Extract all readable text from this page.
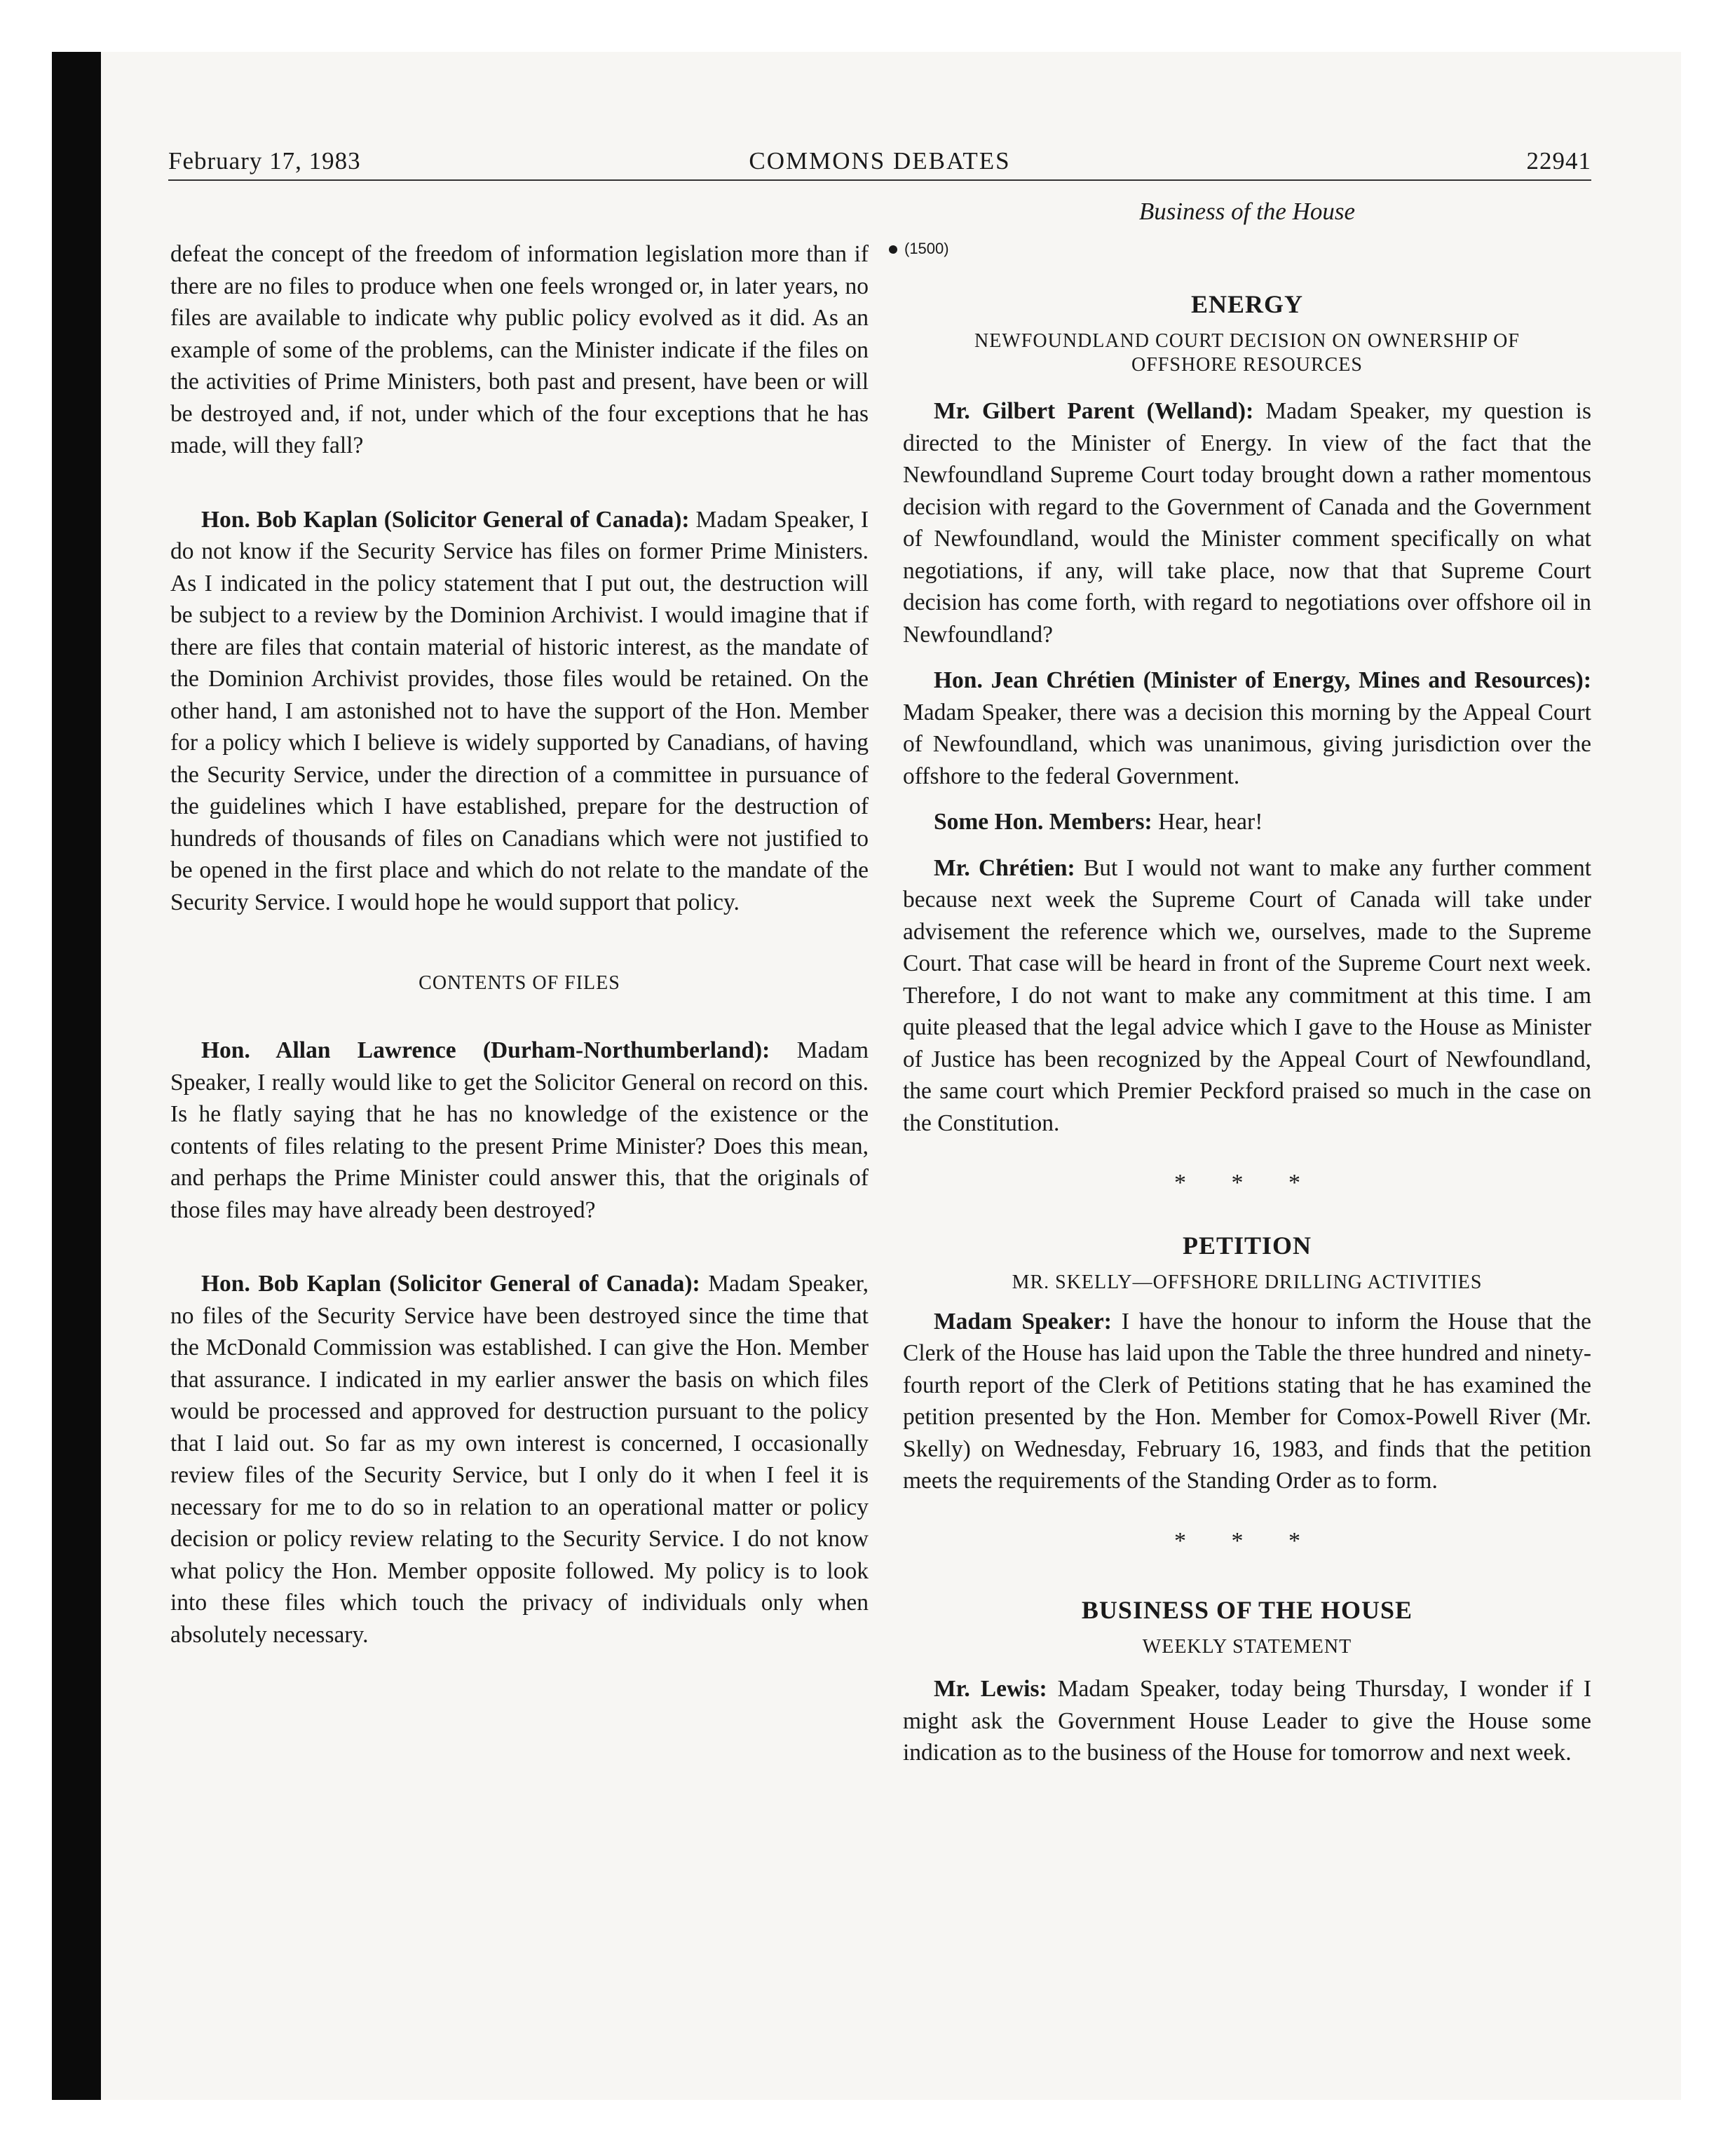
February 17, 1983	COMMONS DEBATES	22941
Business of the House
(1500)

defeat the concept of the freedom of information legislation more than if there are no files to produce when one feels wronged or, in later years, no files are available to indicate why public policy evolved as it did. As an example of some of the problems, can the Minister indicate if the files on the activities of Prime Ministers, both past and present, have been or will be destroyed and, if not, under which of the four exceptions that he has made, will they fall?

Hon. Bob Kaplan (Solicitor General of Canada): Madam Speaker, I do not know if the Security Service has files on former Prime Ministers. As I indicated in the policy statement that I put out, the destruction will be subject to a review by the Dominion Archivist. I would imagine that if there are files that contain material of historic interest, as the mandate of the Dominion Archivist provides, those files would be retained. On the other hand, I am astonished not to have the support of the Hon. Member for a policy which I believe is widely supported by Canadians, of having the Security Service, under the direction of a committee in pursuance of the guidelines which I have established, prepare for the destruction of hundreds of thousands of files on Canadians which were not justified to be opened in the first place and which do not relate to the mandate of the Security Service. I would hope he would support that policy.

CONTENTS OF FILES

Hon. Allan Lawrence (Durham-Northumberland): Madam Speaker, I really would like to get the Solicitor General on record on this. Is he flatly saying that he has no knowledge of the existence or the contents of files relating to the present Prime Minister? Does this mean, and perhaps the Prime Minister could answer this, that the originals of those files may have already been destroyed?

Hon. Bob Kaplan (Solicitor General of Canada): Madam Speaker, no files of the Security Service have been destroyed since the time that the McDonald Commission was established. I can give the Hon. Member that assurance. I indicated in my earlier answer the basis on which files would be processed and approved for destruction pursuant to the policy that I laid out. So far as my own interest is concerned, I occasionally review files of the Security Service, but I only do it when I feel it is necessary for me to do so in relation to an operational matter or policy decision or policy review relating to the Security Service. I do not know what policy the Hon. Member opposite followed. My policy is to look into these files which touch the privacy of individuals only when absolutely necessary.

ENERGY
NEWFOUNDLAND COURT DECISION ON OWNERSHIP OF OFFSHORE RESOURCES

Mr. Gilbert Parent (Welland): Madam Speaker, my question is directed to the Minister of Energy. In view of the fact that the Newfoundland Supreme Court today brought down a rather momentous decision with regard to the Government of Canada and the Government of Newfoundland, would the Minister comment specifically on what negotiations, if any, will take place, now that that Supreme Court decision has come forth, with regard to negotiations over offshore oil in Newfoundland?

Hon. Jean Chrétien (Minister of Energy, Mines and Resources): Madam Speaker, there was a decision this morning by the Appeal Court of Newfoundland, which was unanimous, giving jurisdiction over the offshore to the federal Government.

Some Hon. Members: Hear, hear!

Mr. Chrétien: But I would not want to make any further comment because next week the Supreme Court of Canada will take under advisement the reference which we, ourselves, made to the Supreme Court. That case will be heard in front of the Supreme Court next week. Therefore, I do not want to make any commitment at this time. I am quite pleased that the legal advice which I gave to the House as Minister of Justice has been recognized by the Appeal Court of Newfoundland, the same court which Premier Peckford praised so much in the case on the Constitution.

* * *
PETITION
MR. SKELLY—OFFSHORE DRILLING ACTIVITIES

Madam Speaker: I have the honour to inform the House that the Clerk of the House has laid upon the Table the three hundred and ninety-fourth report of the Clerk of Petitions stating that he has examined the petition presented by the Hon. Member for Comox-Powell River (Mr. Skelly) on Wednesday, February 16, 1983, and finds that the petition meets the requirements of the Standing Order as to form.

* * *
BUSINESS OF THE HOUSE
WEEKLY STATEMENT

Mr. Lewis: Madam Speaker, today being Thursday, I wonder if I might ask the Government House Leader to give the House some indication as to the business of the House for tomorrow and next week.
